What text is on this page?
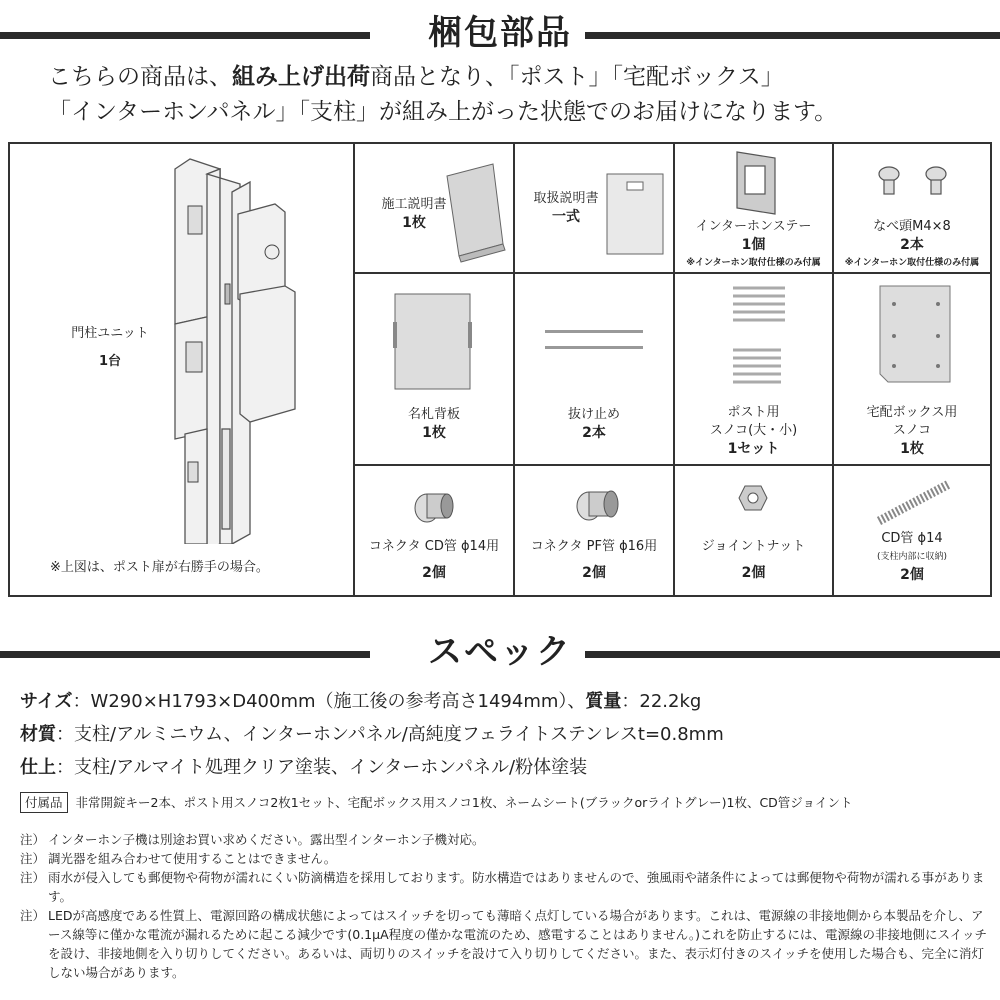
梱包部品
こちらの商品は、組み上げ出荷商品となり、「ポスト」「宅配ボックス」
「インターホンパネル」「支柱」が組み上がった状態でのお届けになります。
門柱ユニット
1台
※上図は、ポスト扉が右勝手の場合。
施工説明書
1枚
取扱説明書
一式
インターホンステー
1個
※インターホン取付仕様のみ付属
なべ頭M4×8
2本
※インターホン取付仕様のみ付属
名札背板
1枚
抜け止め
2本
ポスト用
スノコ(大・小)
1セット
宅配ボックス用
スノコ
1枚
コネクタ CD管 ϕ14用
2個
コネクタ PF管 ϕ16用
2個
ジョイントナット
2個
CD管 ϕ14
(支柱内部に収納)
2個
スペック
サイズ：W290×H1793×D400mm（施工後の参考高さ1494mm）、質量：22.2kg
材質：支柱/アルミニウム、インターホンパネル/高純度フェライトステンレスt=0.8mm
仕上：支柱/アルマイト処理クリア塗装、インターホンパネル/粉体塗装
付属品 非常開錠キー2本、ポスト用スノコ2枚1セット、宅配ボックス用スノコ1枚、ネームシート(ブラックorライトグレー)1枚、CD管ジョイント
注） インターホン子機は別途お買い求めください。露出型インターホン子機対応。
注） 調光器を組み合わせて使用することはできません。
注） 雨水が侵入しても郵便物や荷物が濡れにくい防滴構造を採用しております。防水構造ではありませんので、強風雨や諸条件によっては郵便物や荷物が濡れる事があります。
注） LEDが高感度である性質上、電源回路の構成状態によってはスイッチを切っても薄暗く点灯している場合があります。これは、電源線の非接地側から本製品を介し、アース線等に僅かな電流が漏れるために起こる減少です(0.1μA程度の僅かな電流のため、感電することはありません。)これを防止するには、電源線の非接地側にスイッチを設け、非接地側を入り切りしてください。あるいは、両切りのスイッチを設けて入り切りしてください。また、表示灯付きのスイッチを使用した場合も、完全に消灯しない場合があります。
